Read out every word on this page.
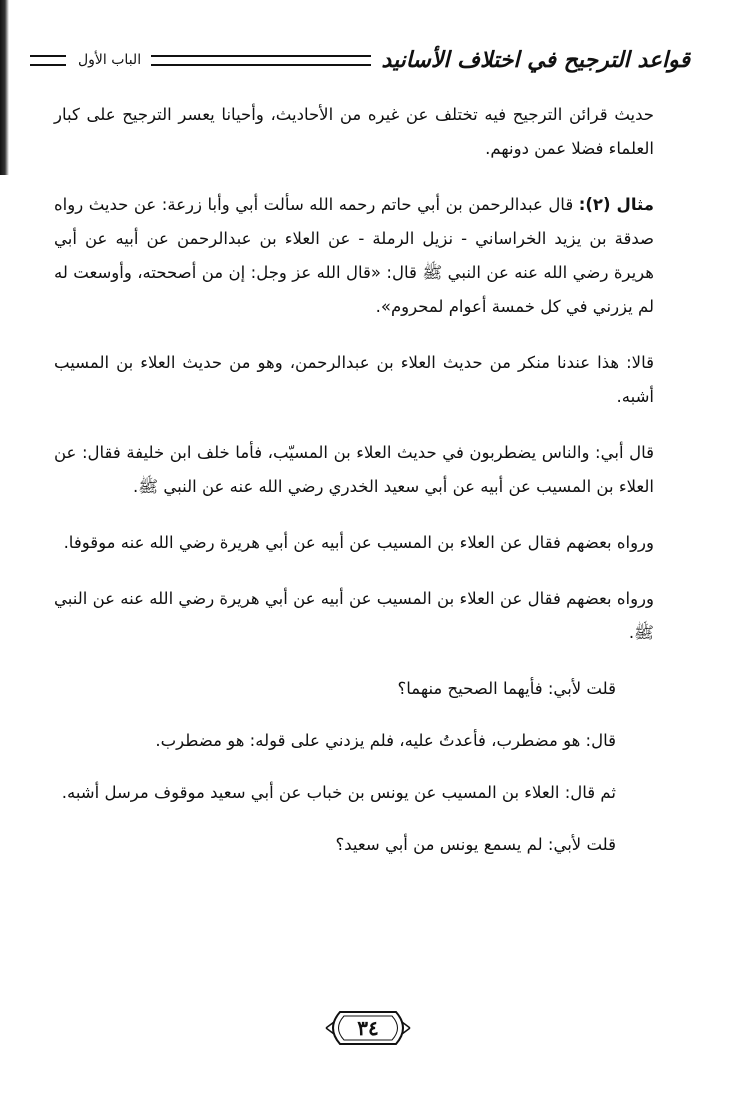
قواعد الترجيح في اختلاف الأسانيد
الباب الأول

حديث قرائن الترجيح فيه تختلف عن غيره من الأحاديث، وأحيانا يعسر الترجيح على كبار العلماء فضلا عمن دونهم.

مثال (٢): قال عبدالرحمن بن أبي حاتم رحمه الله سألت أبي وأبا زرعة: عن حديث رواه صدقة بن يزيد الخراساني - نزيل الرملة - عن العلاء بن عبدالرحمن عن أبيه عن أبي هريرة رضي الله عنه عن النبي ﷺ قال: «قال الله عز وجل: إن من أصححته، وأوسعت له لم يزرني في كل خمسة أعوام لمحروم».

قالا: هذا عندنا منكر من حديث العلاء بن عبدالرحمن، وهو من حديث العلاء بن المسيب أشبه.

قال أبي: والناس يضطربون في حديث العلاء بن المسيّب، فأما خلف ابن خليفة فقال: عن العلاء بن المسيب عن أبيه عن أبي سعيد الخدري رضي الله عنه عن النبي ﷺ.

ورواه بعضهم فقال عن العلاء بن المسيب عن أبيه عن أبي هريرة رضي الله عنه موقوفا.

ورواه بعضهم فقال عن العلاء بن المسيب عن أبيه عن أبي هريرة رضي الله عنه عن النبي ﷺ.

قلت لأبي: فأيهما الصحيح منهما؟

قال: هو مضطرب، فأعدتُ عليه، فلم يزدني على قوله: هو مضطرب.

ثم قال: العلاء بن المسيب عن يونس بن خباب عن أبي سعيد موقوف مرسل أشبه.

قلت لأبي: لم يسمع يونس من أبي سعيد؟

٣٤
